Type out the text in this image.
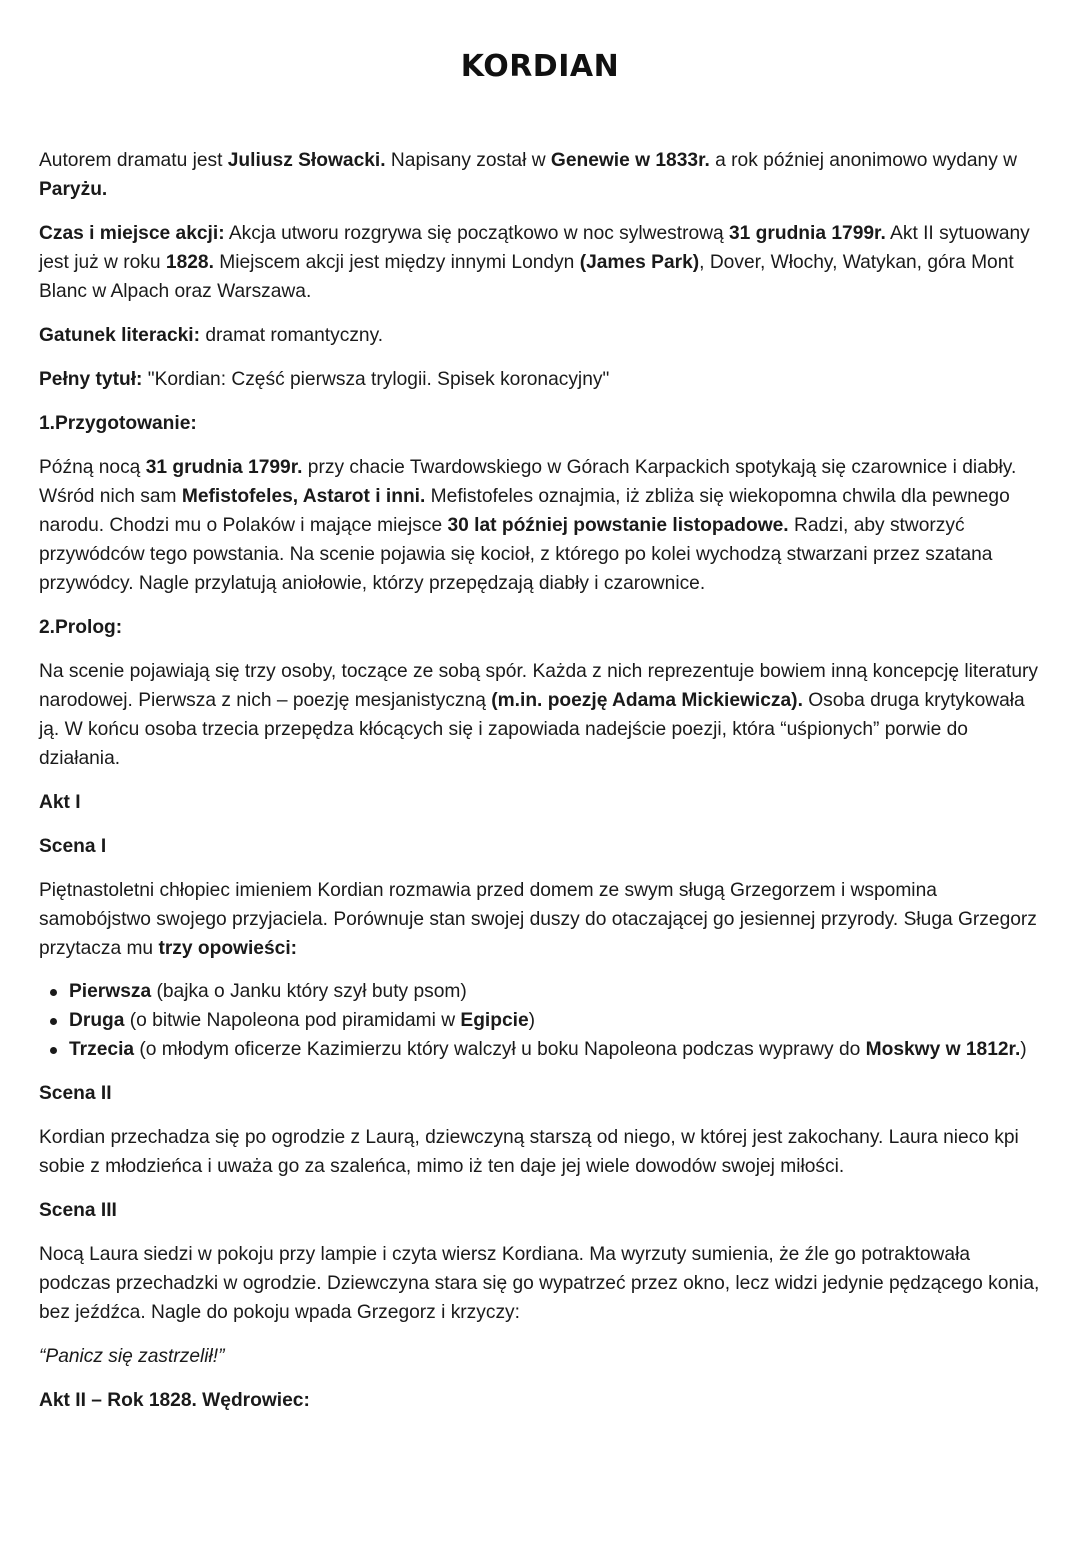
KORDIAN

Autorem dramatu jest Juliusz Słowacki. Napisany został w Genewie w 1833r. a rok później anonimowo wydany w Paryżu.

Czas i miejsce akcji: Akcja utworu rozgrywa się początkowo w noc sylwestrową 31 grudnia 1799r. Akt II sytuowany jest już w roku 1828. Miejscem akcji jest między innymi Londyn (James Park), Dover, Włochy, Watykan, góra Mont Blanc w Alpach oraz Warszawa.

Gatunek literacki: dramat romantyczny.

Pełny tytuł: "Kordian: Część pierwsza trylogii. Spisek koronacyjny"

1.Przygotowanie:

Późną nocą 31 grudnia 1799r. przy chacie Twardowskiego w Górach Karpackich spotykają się czarownice i diabły. Wśród nich sam Mefistofeles, Astarot i inni. Mefistofeles oznajmia, iż zbliża się wiekopomna chwila dla pewnego narodu. Chodzi mu o Polaków i mające miejsce 30 lat później powstanie listopadowe. Radzi, aby stworzyć przywódców tego powstania. Na scenie pojawia się kocioł, z którego po kolei wychodzą stwarzani przez szatana przywódcy. Nagle przylatują aniołowie, którzy przepędzają diabły i czarownice.

2.Prolog:

Na scenie pojawiają się trzy osoby, toczące ze sobą spór. Każda z nich reprezentuje bowiem inną koncepcję literatury narodowej. Pierwsza z nich – poezję mesjanistyczną (m.in. poezję Adama Mickiewicza). Osoba druga krytykowała ją. W końcu osoba trzecia przepędza kłócących się i zapowiada nadejście poezji, która “uśpionych” porwie do działania.

Akt I

Scena I

Piętnastoletni chłopiec imieniem Kordian rozmawia przed domem ze swym sługą Grzegorzem i wspomina samobójstwo swojego przyjaciela. Porównuje stan swojej duszy do otaczającej go jesiennej przyrody. Sługa Grzegorz przytacza mu trzy opowieści:

Pierwsza (bajka o Janku który szył buty psom)
Druga (o bitwie Napoleona pod piramidami w Egipcie)
Trzecia (o młodym oficerze Kazimierzu który walczył u boku Napoleona podczas wyprawy do Moskwy w 1812r.)

Scena II

Kordian przechadza się po ogrodzie z Laurą, dziewczyną starszą od niego, w której jest zakochany. Laura nieco kpi sobie z młodzieńca i uważa go za szaleńca, mimo iż ten daje jej wiele dowodów swojej miłości.

Scena III

Nocą Laura siedzi w pokoju przy lampie i czyta wiersz Kordiana. Ma wyrzuty sumienia, że źle go potraktowała podczas przechadzki w ogrodzie. Dziewczyna stara się go wypatrzeć przez okno, lecz widzi jedynie pędzącego konia, bez jeźdźca. Nagle do pokoju wpada Grzegorz i krzyczy:

“Panicz się zastrzelił!”

Akt II – Rok 1828. Wędrowiec:
